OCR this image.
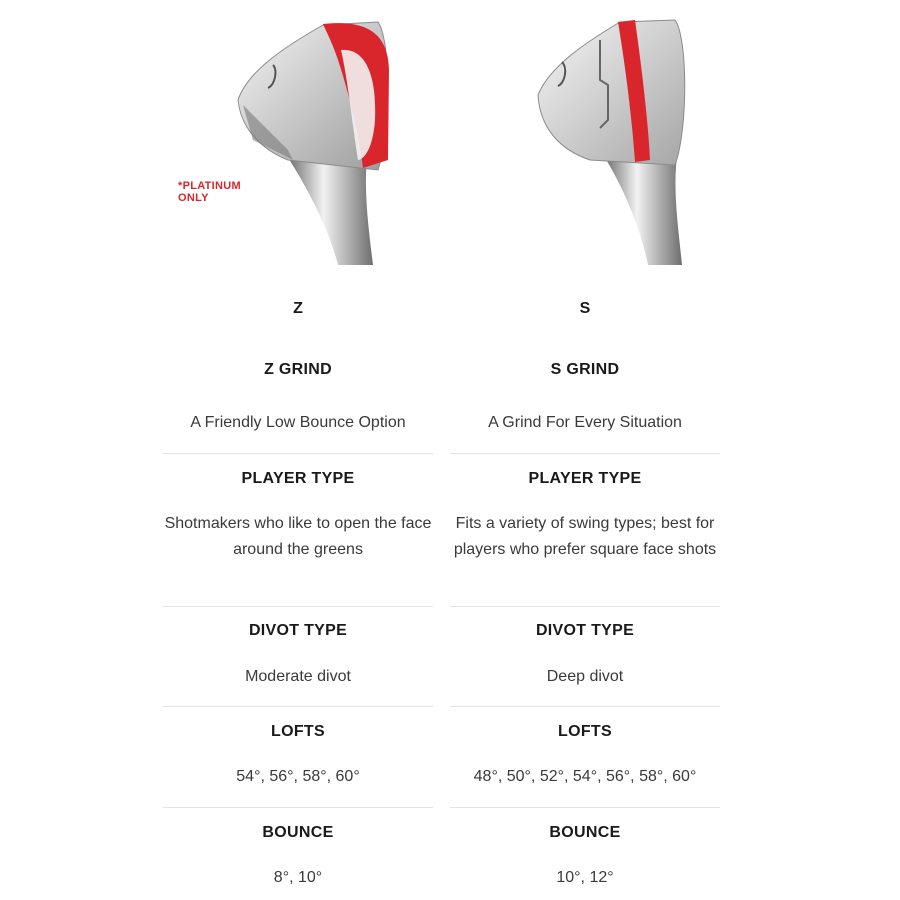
*PLATINUM
ONLY
Z
Z GRIND
A Friendly Low Bounce Option
PLAYER TYPE
Shotmakers who like to open the face around the greens
DIVOT TYPE
Moderate divot
LOFTS
54°, 56°, 58°, 60°
BOUNCE
8°, 10°
S
S GRIND
A Grind For Every Situation
PLAYER TYPE
Fits a variety of swing types; best for players who prefer square face shots
DIVOT TYPE
Deep divot
LOFTS
48°, 50°, 52°, 54°, 56°, 58°, 60°
BOUNCE
10°, 12°
